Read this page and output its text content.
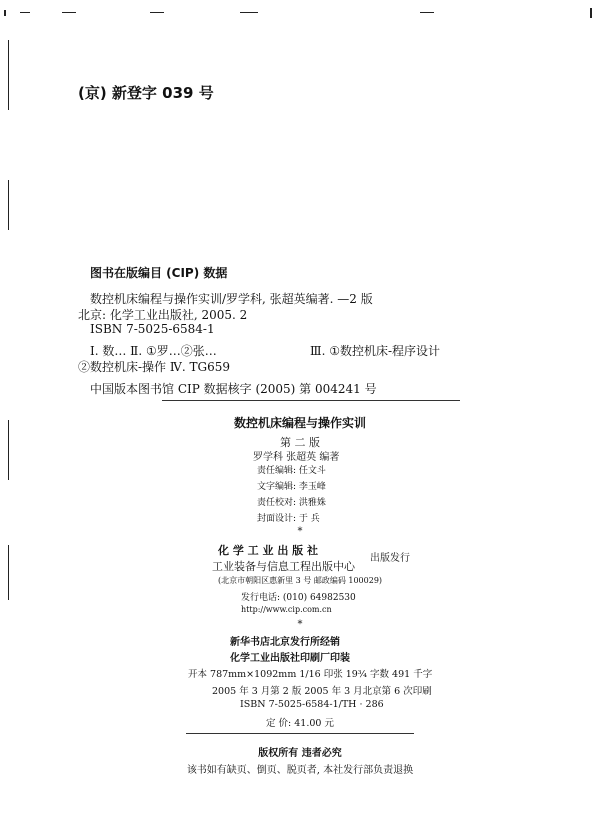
(京) 新登字 039 号
图书在版编目 (CIP) 数据
数控机床编程与操作实训/罗学科, 张超英编著. —2 版
北京: 化学工业出版社, 2005. 2
ISBN 7-5025-6584-1
Ⅰ. 数… Ⅱ. ①罗…②张…	Ⅲ. ①数控机床-程序设计
②数控机床-操作 Ⅳ. TG659
中国版本图书馆 CIP 数据核字 (2005) 第 004241 号
数控机床编程与操作实训
第 二 版
罗学科 张超英 编著
责任编辑: 任文斗
文字编辑: 李玉峰
责任校对: 洪雅姝
封面设计: 于 兵
*
化 学 工 业 出 版 社
工业装备与信息工程出版中心
出版发行
(北京市朝阳区惠新里 3 号 邮政编码 100029)
发行电话: (010) 64982530
http://www.cip.com.cn
*
新华书店北京发行所经销
化学工业出版社印刷厂印装
开本 787mm×1092mm 1/16 印张 19¾ 字数 491 千字
2005 年 3 月第 2 版 2005 年 3 月北京第 6 次印刷
ISBN 7-5025-6584-1/TH · 286
定 价: 41.00 元
版权所有 违者必究
该书如有缺页、倒页、脱页者, 本社发行部负责退换
